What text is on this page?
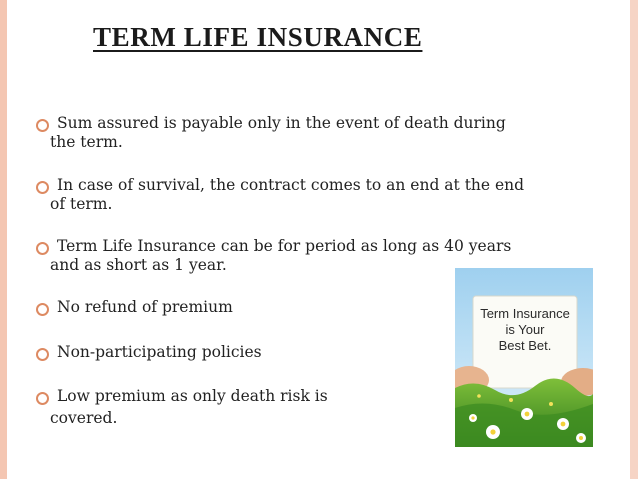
TERM LIFE INSURANCE
Sum assured is payable only in the event of death during
the term.
In case of survival, the contract comes to an end at the end
of term.
Term Life Insurance can be for period as long as 40 years
and as short as 1 year.
No refund of premium
Non-participating policies
Low premium as only death risk is
covered.
Term Insurance
is Your
Best Bet.
